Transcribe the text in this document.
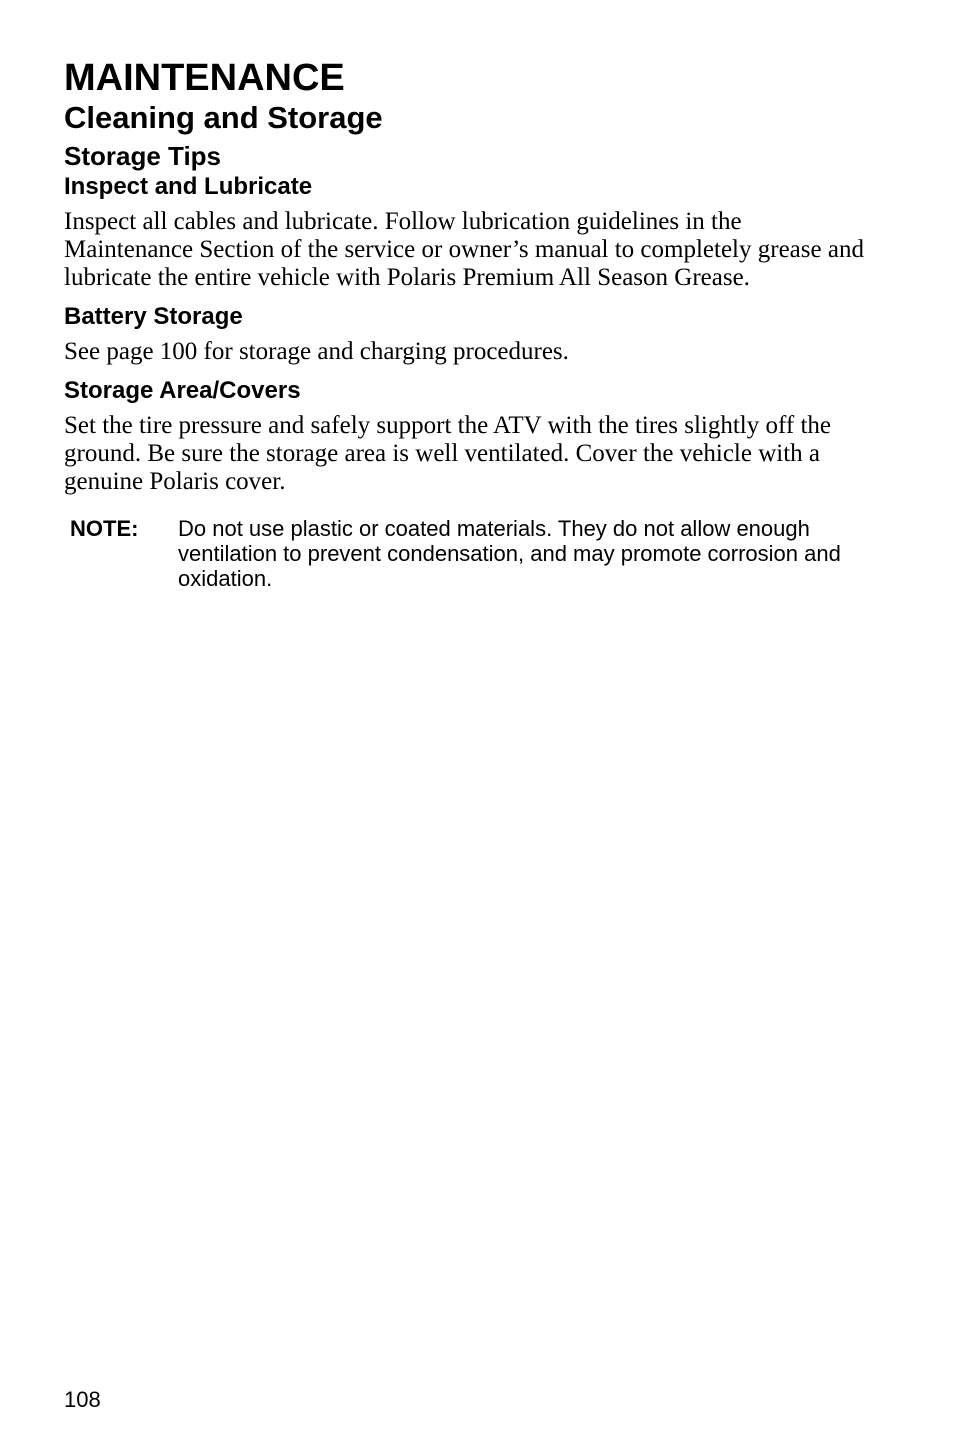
MAINTENANCE
Cleaning and Storage
Storage Tips
Inspect and Lubricate

Inspect all cables and lubricate. Follow lubrication guidelines in the Maintenance Section of the service or owner’s manual to completely grease and lubricate the entire vehicle with Polaris Premium All Season Grease.

Battery Storage

See page 100 for storage and charging procedures.

Storage Area/Covers

Set the tire pressure and safely support the ATV with the tires slightly off the ground. Be sure the storage area is well ventilated. Cover the vehicle with a genuine Polaris cover.

NOTE:	Do not use plastic or coated materials. They do not allow enough ventilation to prevent condensation, and may promote corrosion and oxidation.
108
